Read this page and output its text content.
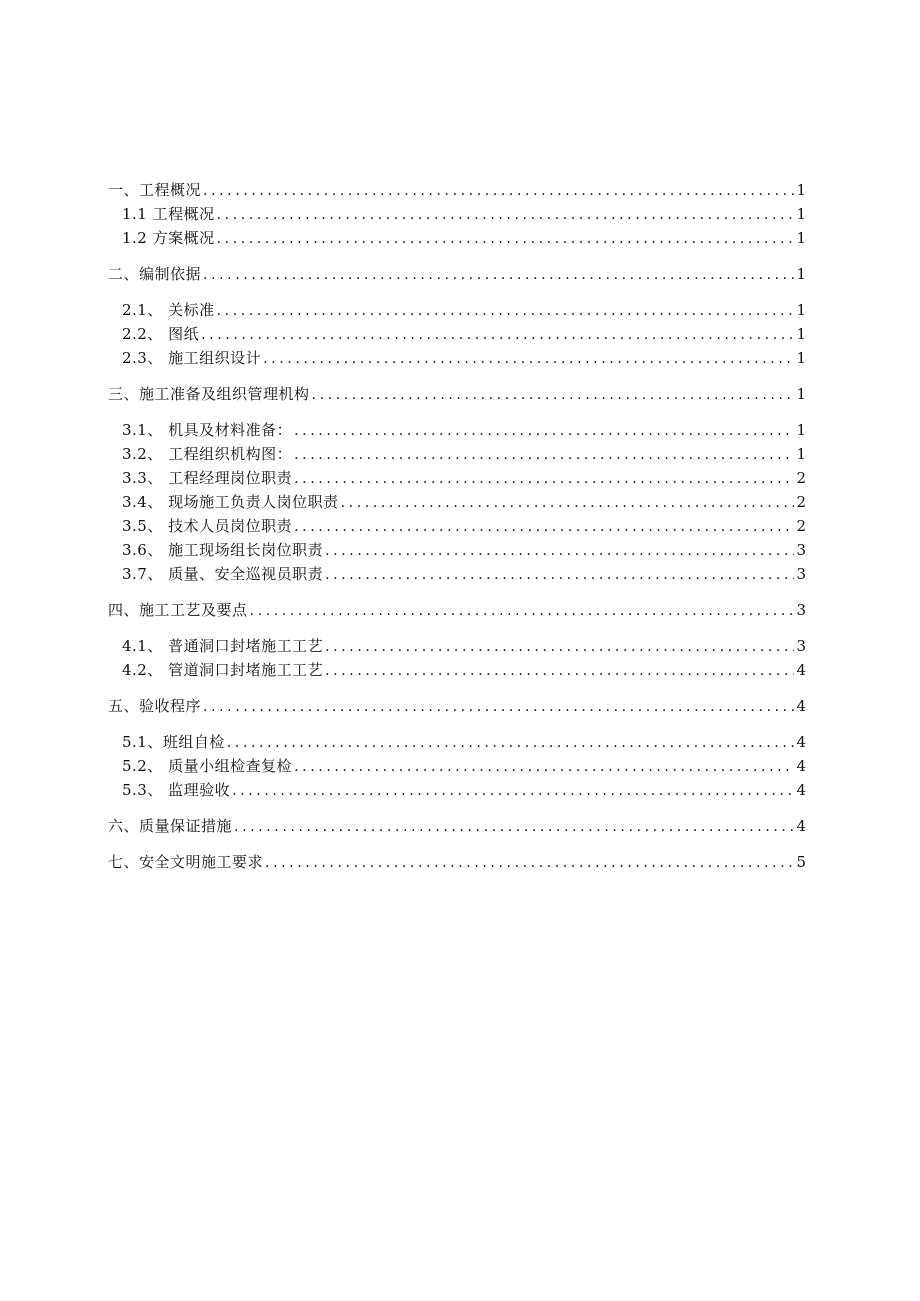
一、工程概况 .....	1
1.1 工程概况 .....	1
1.2 方案概况 .....	1
二、编制依据 .....	1
2.1、 关标准 .....	1
2.2、 图纸 .....	1
2.3、 施工组织设计 .....	1
三、施工准备及组织管理机构 .....	1
3.1、 机具及材料准备： .....	1
3.2、 工程组织机构图： .....	1
3.3、 工程经理岗位职责 .....	2
3.4、 现场施工负责人岗位职责 .....	2
3.5、 技术人员岗位职责 .....	2
3.6、 施工现场组长岗位职责 .....	3
3.7、 质量、安全巡视员职责 .....	3
四、施工工艺及要点 .....	3
4.1、 普通洞口封堵施工工艺 .....	3
4.2、 管道洞口封堵施工工艺 .....	4
五、验收程序 .....	4
5.1、班组自检 .....	4
5.2、 质量小组检查复检 .....	4
5.3、 监理验收 .....	4
六、质量保证措施 .....	4
七、安全文明施工要求 .....	5
